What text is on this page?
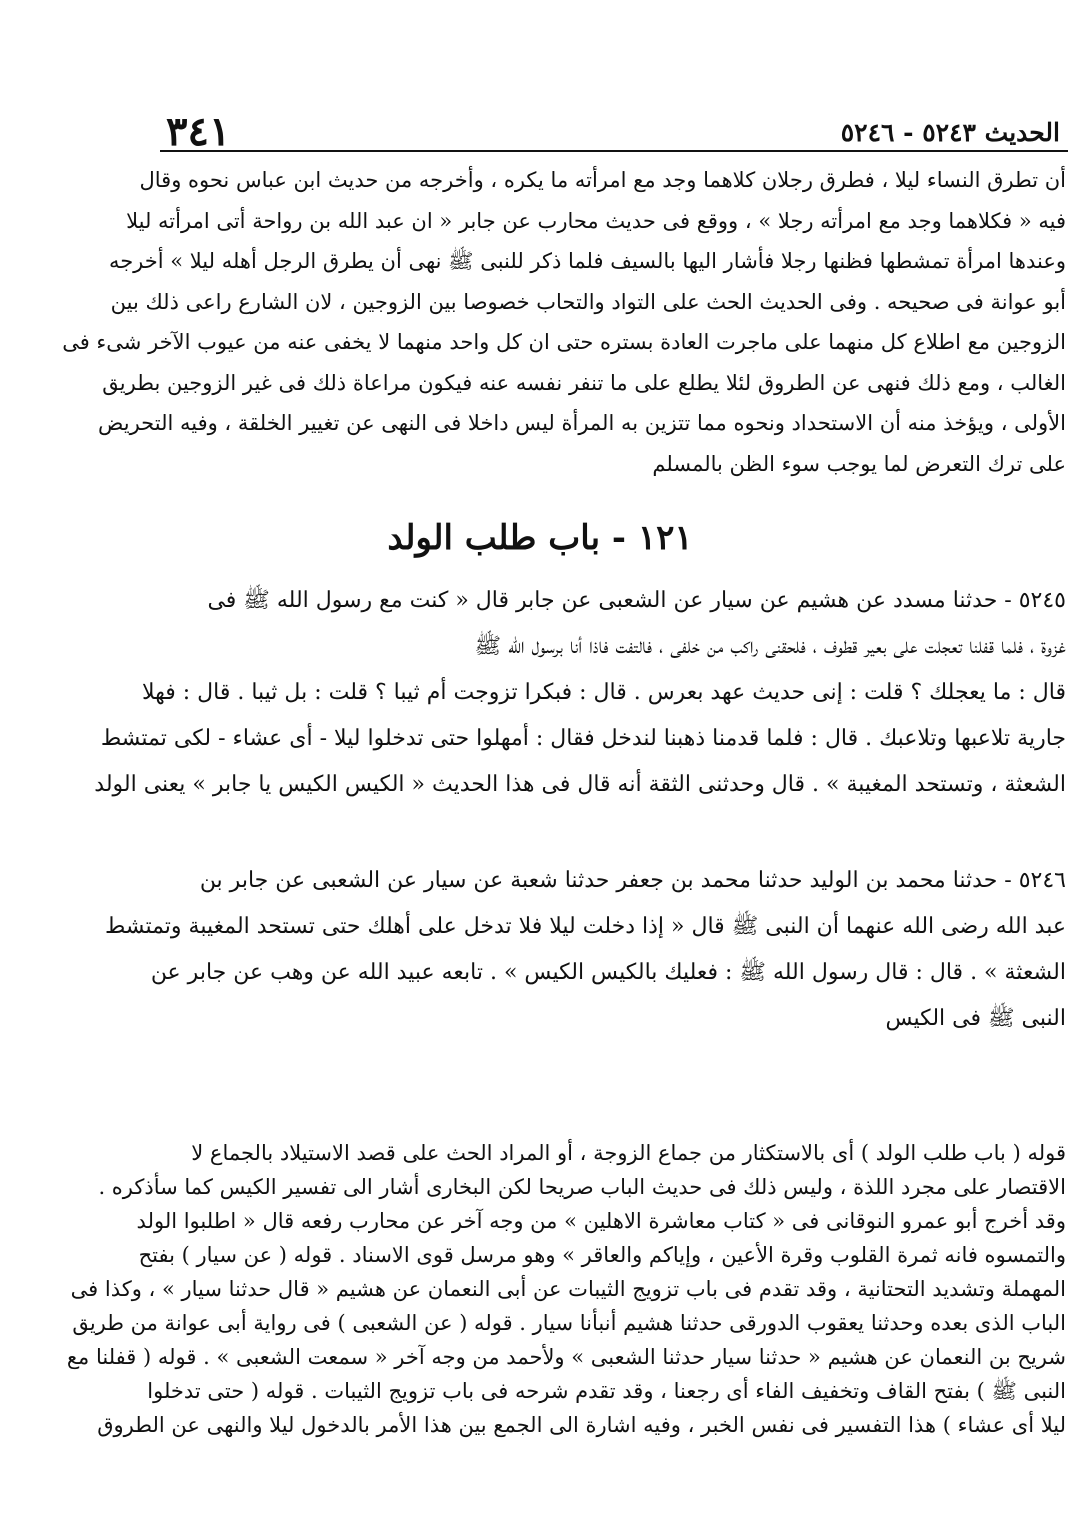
الحديث ٥٢٤٣ - ٥٢٤٦
٣٤١
أن تطرق النساء ليلا ، فطرق رجلان كلاهما وجد مع امرأته ما يكره ، وأخرجه من حديث ابن عباس نحوه وقال
فيه « فكلاهما وجد مع امرأته رجلا » ، ووقع فى حديث محارب عن جابر « ان عبد الله بن رواحة أتى امرأته ليلا
وعندها امرأة تمشطها فظنها رجلا فأشار اليها بالسيف فلما ذكر للنبى ﷺ نهى أن يطرق الرجل أهله ليلا » أخرجه
أبو عوانة فى صحيحه . وفى الحديث الحث على التواد والتحاب خصوصا بين الزوجين ، لان الشارع راعى ذلك بين
الزوجين مع اطلاع كل منهما على ماجرت العادة بستره حتى ان كل واحد منهما لا يخفى عنه من عيوب الآخر شىء فى
الغالب ، ومع ذلك فنهى عن الطروق لئلا يطلع على ما تنفر نفسه عنه فيكون مراعاة ذلك فى غير الزوجين بطريق
الأولى ، ويؤخذ منه أن الاستحداد ونحوه مما تتزين به المرأة ليس داخلا فى النهى عن تغيير الخلقة ، وفيه التحريض
على ترك التعرض لما يوجب سوء الظن بالمسلم
١٢١ - باب طلب الولد
٥٢٤٥ - حدثنا مسدد عن هشيم عن سيار عن الشعبى عن جابر قال « كنت مع رسول الله ﷺ فى
غزوة ، فلما قفلنا تعجلت على بعير قطوف ، فلحقنى راكب من خلفى ، فالتفت فاذا أنا برسول الله ﷺ
قال : ما يعجلك ؟ قلت : إنى حديث عهد بعرس . قال : فبكرا تزوجت أم ثيبا ؟ قلت : بل ثيبا . قال : فهلا
جارية تلاعبها وتلاعبك . قال : فلما قدمنا ذهبنا لندخل فقال : أمهلوا حتى تدخلوا ليلا - أى عشاء - لكى تمتشط
الشعثة ، وتستحد المغيبة » . قال وحدثنى الثقة أنه قال فى هذا الحديث « الكيس الكيس يا جابر » يعنى الولد
٥٢٤٦ - حدثنا محمد بن الوليد حدثنا محمد بن جعفر حدثنا شعبة عن سيار عن الشعبى عن جابر بن
عبد الله رضى الله عنهما أن النبى ﷺ قال « إذا دخلت ليلا فلا تدخل على أهلك حتى تستحد المغيبة وتمتشط
الشعثة » . قال : قال رسول الله ﷺ : فعليك بالكيس الكيس » . تابعه عبيد الله عن وهب عن جابر عن
النبى ﷺ فى الكيس
قوله ( باب طلب الولد ) أى بالاستكثار من جماع الزوجة ، أو المراد الحث على قصد الاستيلاد بالجماع لا
الاقتصار على مجرد اللذة ، وليس ذلك فى حديث الباب صريحا لكن البخارى أشار الى تفسير الكيس كما سأذكره .
وقد أخرج أبو عمرو النوقانى فى « كتاب معاشرة الاهلين » من وجه آخر عن محارب رفعه قال « اطلبوا الولد
والتمسوه فانه ثمرة القلوب وقرة الأعين ، وإياكم والعاقر » وهو مرسل قوى الاسناد . قوله ( عن سيار ) بفتح
المهملة وتشديد التحتانية ، وقد تقدم فى باب تزويج الثيبات عن أبى النعمان عن هشيم « قال حدثنا سيار » ، وكذا فى
الباب الذى بعده وحدثنا يعقوب الدورقى حدثنا هشيم أنبأنا سيار . قوله ( عن الشعبى ) فى رواية أبى عوانة من طريق
شريح بن النعمان عن هشيم « حدثنا سيار حدثنا الشعبى » ولأحمد من وجه آخر « سمعت الشعبى » . قوله ( قفلنا مع
النبى ﷺ ) بفتح القاف وتخفيف الفاء أى رجعنا ، وقد تقدم شرحه فى باب تزويج الثيبات . قوله ( حتى تدخلوا
ليلا أى عشاء ) هذا التفسير فى نفس الخبر ، وفيه اشارة الى الجمع بين هذا الأمر بالدخول ليلا والنهى عن الطروق
